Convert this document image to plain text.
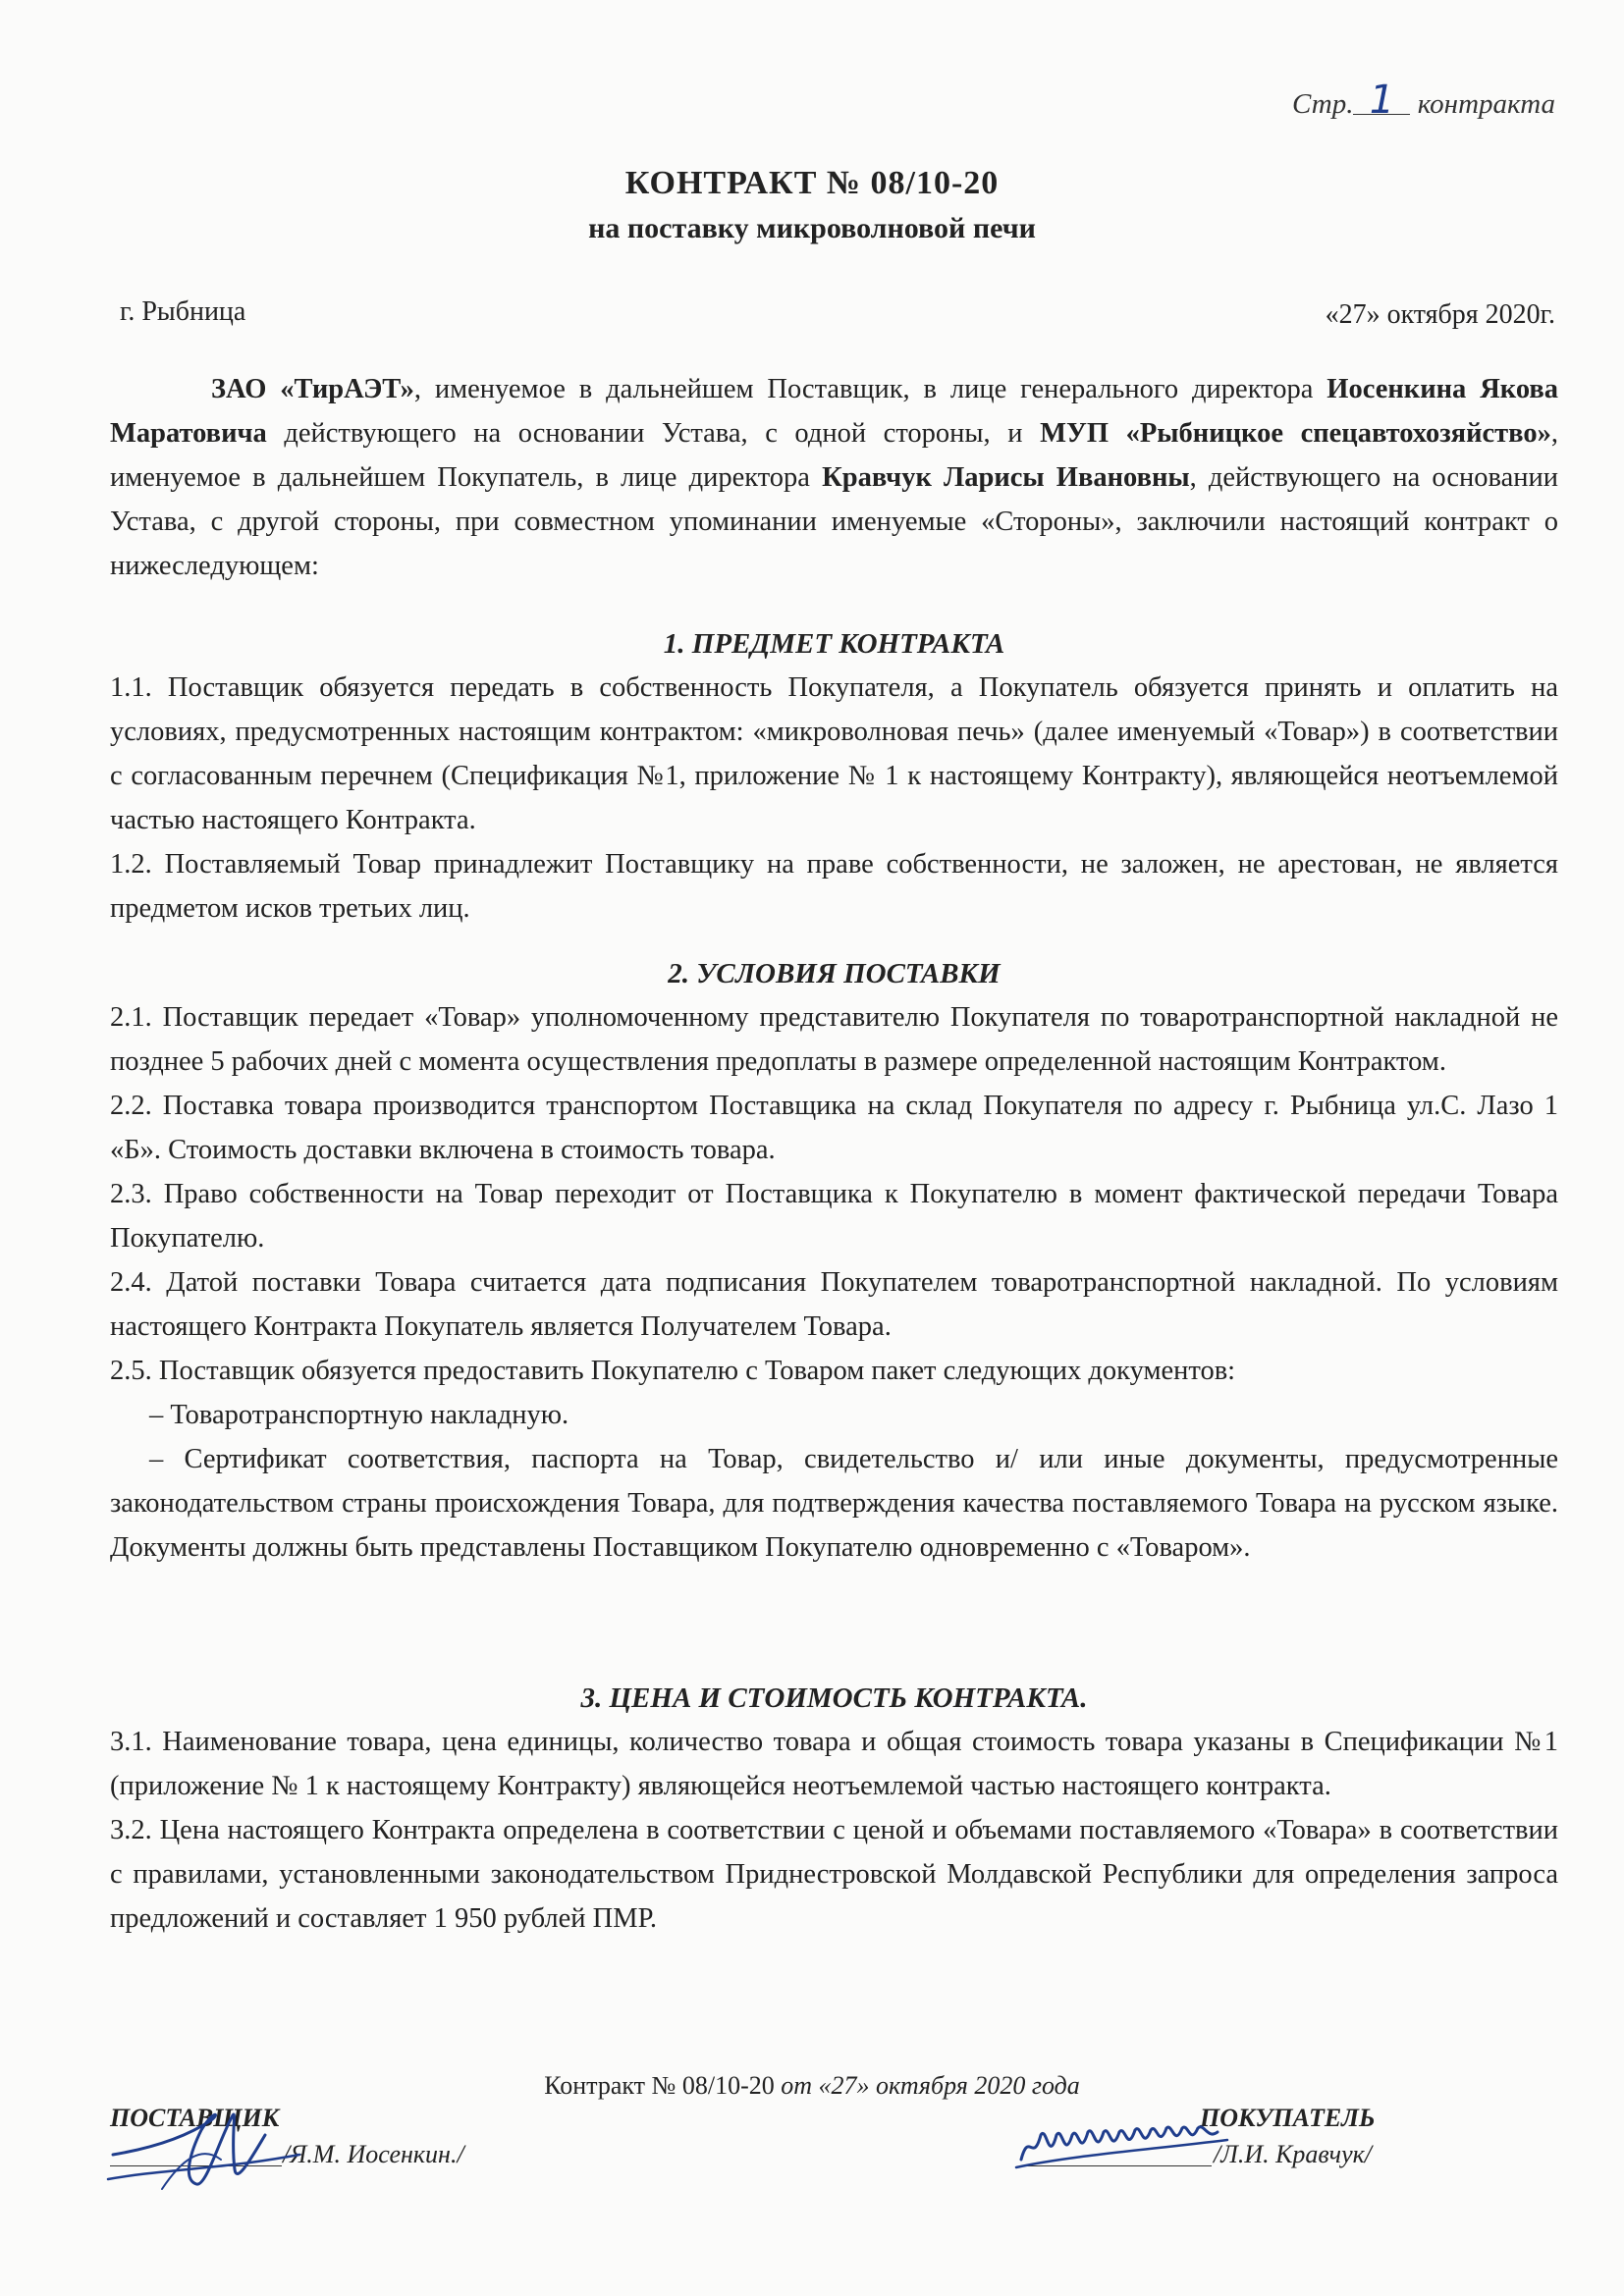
Стр. 1 контракта
КОНТРАКТ № 08/10-20
на поставку микроволновой печи
г. Рыбница	«27» октября 2020г.
ЗАО «ТирАЭТ», именуемое в дальнейшем Поставщик, в лице генерального директора Иосенкина Якова Маратовича действующего на основании Устава, с одной стороны, и МУП «Рыбницкое спецавтохозяйство», именуемое в дальнейшем Покупатель, в лице директора Кравчук Ларисы Ивановны, действующего на основании Устава, с другой стороны, при совместном упоминании именуемые «Стороны», заключили настоящий контракт о нижеследующем:
1. ПРЕДМЕТ КОНТРАКТА

1.1. Поставщик обязуется передать в собственность Покупателя, а Покупатель обязуется принять и оплатить на условиях, предусмотренных настоящим контрактом: «микроволновая печь» (далее именуемый «Товар») в соответствии с согласованным перечнем (Спецификация №1, приложение № 1 к настоящему Контракту), являющейся неотъемлемой частью настоящего Контракта.

1.2. Поставляемый Товар принадлежит Поставщику на праве собственности, не заложен, не арестован, не является предметом исков третьих лиц.

2. УСЛОВИЯ ПОСТАВКИ

2.1. Поставщик передает «Товар» уполномоченному представителю Покупателя по товаротранспортной накладной не позднее 5 рабочих дней с момента осуществления предоплаты в размере определенной настоящим Контрактом.

2.2. Поставка товара производится транспортом Поставщика на склад Покупателя по адресу г. Рыбница ул.С. Лазо 1 «Б». Стоимость доставки включена в стоимость товара.

2.3. Право собственности на Товар переходит от Поставщика к Покупателю в момент фактической передачи Товара Покупателю.

2.4. Датой поставки Товара считается дата подписания Покупателем товаротранспортной накладной. По условиям настоящего Контракта Покупатель является Получателем Товара.

2.5. Поставщик обязуется предоставить Покупателю с Товаром пакет следующих документов:

– Товаротранспортную накладную.

– Сертификат соответствия, паспорта на Товар, свидетельство и/ или иные документы, предусмотренные законодательством страны происхождения Товара, для подтверждения качества поставляемого Товара на русском языке. Документы должны быть представлены Поставщиком Покупателю одновременно с «Товаром».

3. ЦЕНА И СТОИМОСТЬ КОНТРАКТА.

3.1. Наименование товара, цена единицы, количество товара и общая стоимость товара указаны в Спецификации №1 (приложение № 1 к настоящему Контракту) являющейся неотъемлемой частью настоящего контракта.

3.2. Цена настоящего Контракта определена в соответствии с ценой и объемами поставляемого «Товара» в соответствии с правилами, установленными законодательством Приднестровской Молдавской Республики для определения запроса предложений и составляет 1 950 рублей ПМР.

Контракт № 08/10-20 от «27» октября 2020 года
ПОСТАВЩИК	ПОКУПАТЕЛЬ
/Я.М. Иосенкин./	/Л.И. Кравчук/
